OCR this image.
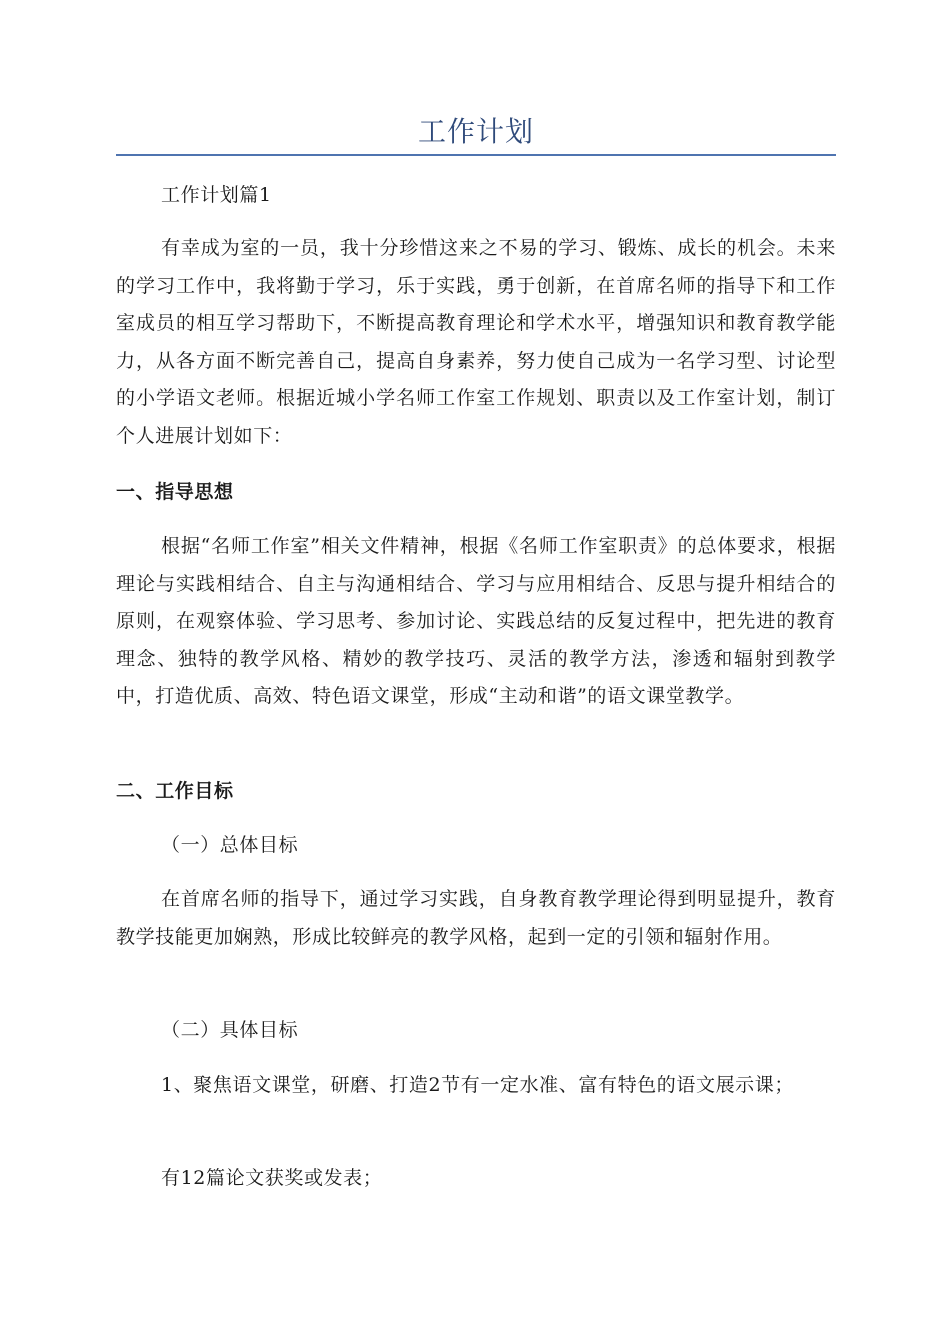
工作计划

工作计划篇1

有幸成为室的一员，我十分珍惜这来之不易的学习、锻炼、成长的机会。未来的学习工作中，我将勤于学习，乐于实践，勇于创新，在首席名师的指导下和工作室成员的相互学习帮助下，不断提高教育理论和学术水平，增强知识和教育教学能力，从各方面不断完善自己，提高自身素养，努力使自己成为一名学习型、讨论型的小学语文老师。根据近城小学名师工作室工作规划、职责以及工作室计划，制订个人进展计划如下：

一、指导思想

根据“名师工作室”相关文件精神，根据《名师工作室职责》的总体要求，根据理论与实践相结合、自主与沟通相结合、学习与应用相结合、反思与提升相结合的原则，在观察体验、学习思考、参加讨论、实践总结的反复过程中，把先进的教育理念、独特的教学风格、精妙的教学技巧、灵活的教学方法，渗透和辐射到教学中，打造优质、高效、特色语文课堂，形成“主动和谐”的语文课堂教学。

二、工作目标

（一）总体目标

在首席名师的指导下，通过学习实践，自身教育教学理论得到明显提升，教育教学技能更加娴熟，形成比较鲜亮的教学风格，起到一定的引领和辐射作用。

（二）具体目标

1、聚焦语文课堂，研磨、打造2节有一定水准、富有特色的语文展示课；

有12篇论文获奖或发表；
